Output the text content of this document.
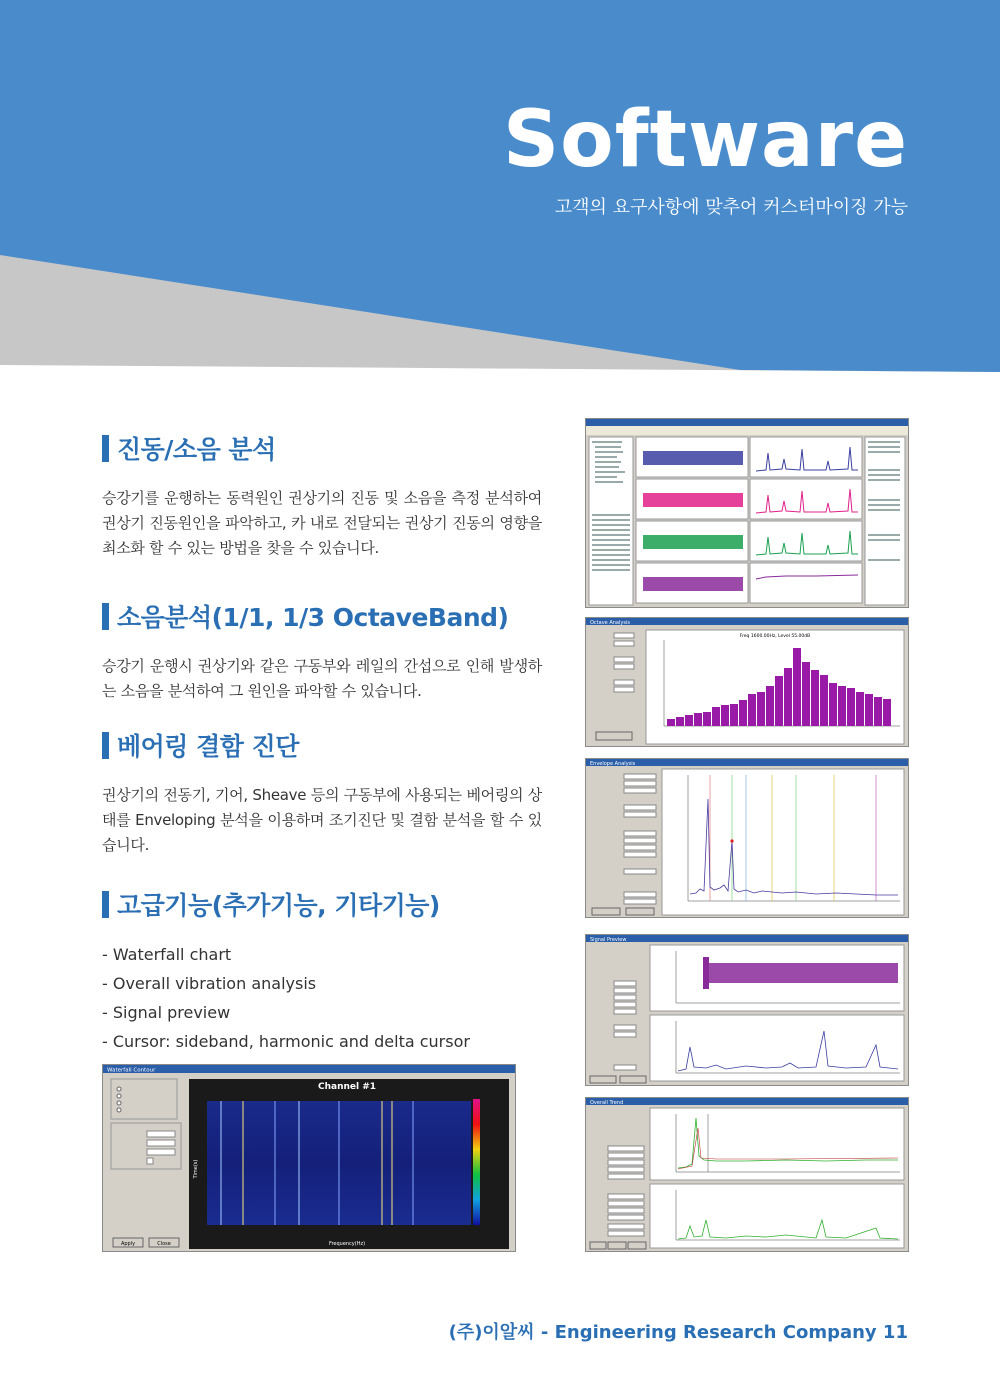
Software

고객의 요구사항에 맞추어 커스터마이징 가능

진동/소음 분석

승강기를 운행하는 동력원인 권상기의 진동 및 소음을 측정 분석하여 권상기 진동원인을 파악하고, 카 내로 전달되는 권상기 진동의 영향을 최소화 할 수 있는 방법을 찾을 수 있습니다.

소음분석(1/1, 1/3 OctaveBand)

승강기 운행시 권상기와 같은 구동부와 레일의 간섭으로 인해 발생하는 소음을 분석하여 그 원인을 파악할 수 있습니다.

베어링 결함 진단

권상기의 전동기, 기어, Sheave 등의 구동부에 사용되는 베어링의 상태를 Enveloping 분석을 이용하며 조기진단 및 결함 분석을 할 수 있습니다.

고급기능(추가기능, 기타기능)
- Waterfall chart
- Overall vibration analysis
- Signal preview
- Cursor: sideband, harmonic and delta cursor
Octave Analysis
Freq 1600.00Hz, Level 55.00dB
Envelope Analysis
Signal Preview
Overall Trend
Waterfall Contour
Apply	Close
Channel #1
Frequency(Hz)
Time(s)

(주)이알씨 - Engineering Research Company 11
